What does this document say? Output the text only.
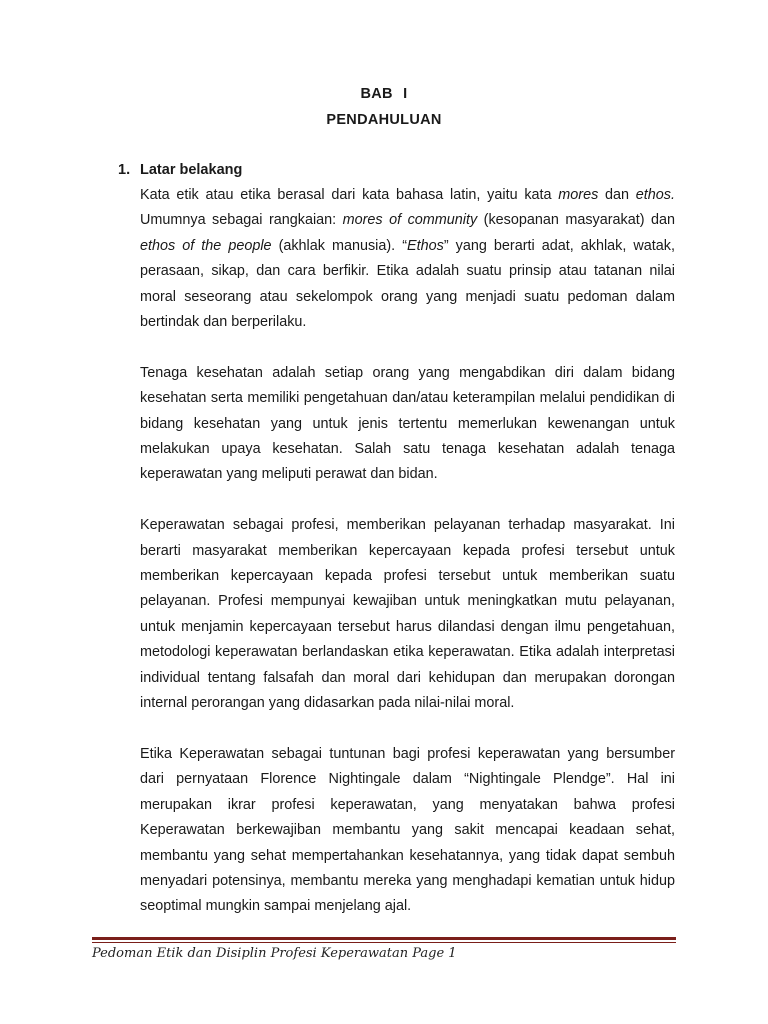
BAB I
PENDAHULUAN
1. Latar belakang

Kata etik atau etika berasal dari kata bahasa latin, yaitu kata mores dan ethos. Umumnya sebagai rangkaian: mores of community (kesopanan masyarakat) dan ethos of the people (akhlak manusia). “Ethos” yang berarti adat, akhlak, watak, perasaan, sikap, dan cara berfikir. Etika adalah suatu prinsip atau tatanan nilai moral seseorang atau sekelompok orang yang menjadi suatu pedoman dalam bertindak dan berperilaku.

Tenaga kesehatan adalah setiap orang yang mengabdikan diri dalam bidang kesehatan serta memiliki pengetahuan dan/atau keterampilan melalui pendidikan di bidang kesehatan yang untuk jenis tertentu memerlukan kewenangan untuk melakukan upaya kesehatan. Salah satu tenaga kesehatan adalah tenaga keperawatan yang meliputi perawat dan bidan.

Keperawatan sebagai profesi, memberikan pelayanan terhadap masyarakat. Ini berarti masyarakat memberikan kepercayaan kepada profesi tersebut untuk memberikan kepercayaan kepada profesi tersebut untuk memberikan suatu pelayanan. Profesi mempunyai kewajiban untuk meningkatkan mutu pelayanan, untuk menjamin kepercayaan tersebut harus dilandasi dengan ilmu pengetahuan, metodologi keperawatan berlandaskan etika keperawatan. Etika adalah interpretasi individual tentang falsafah dan moral dari kehidupan dan merupakan dorongan internal perorangan yang didasarkan pada nilai-nilai moral.

Etika Keperawatan sebagai tuntunan bagi profesi keperawatan yang bersumber dari pernyataan Florence Nightingale dalam “Nightingale Plendge”. Hal ini merupakan ikrar profesi keperawatan, yang menyatakan bahwa profesi Keperawatan berkewajiban membantu yang sakit mencapai keadaan sehat, membantu yang sehat mempertahankan kesehatannya, yang tidak dapat sembuh menyadari potensinya, membantu mereka yang menghadapi kematian untuk hidup seoptimal mungkin sampai menjelang ajal.

Pedoman Etik dan Disiplin Profesi Keperawatan Page 1
